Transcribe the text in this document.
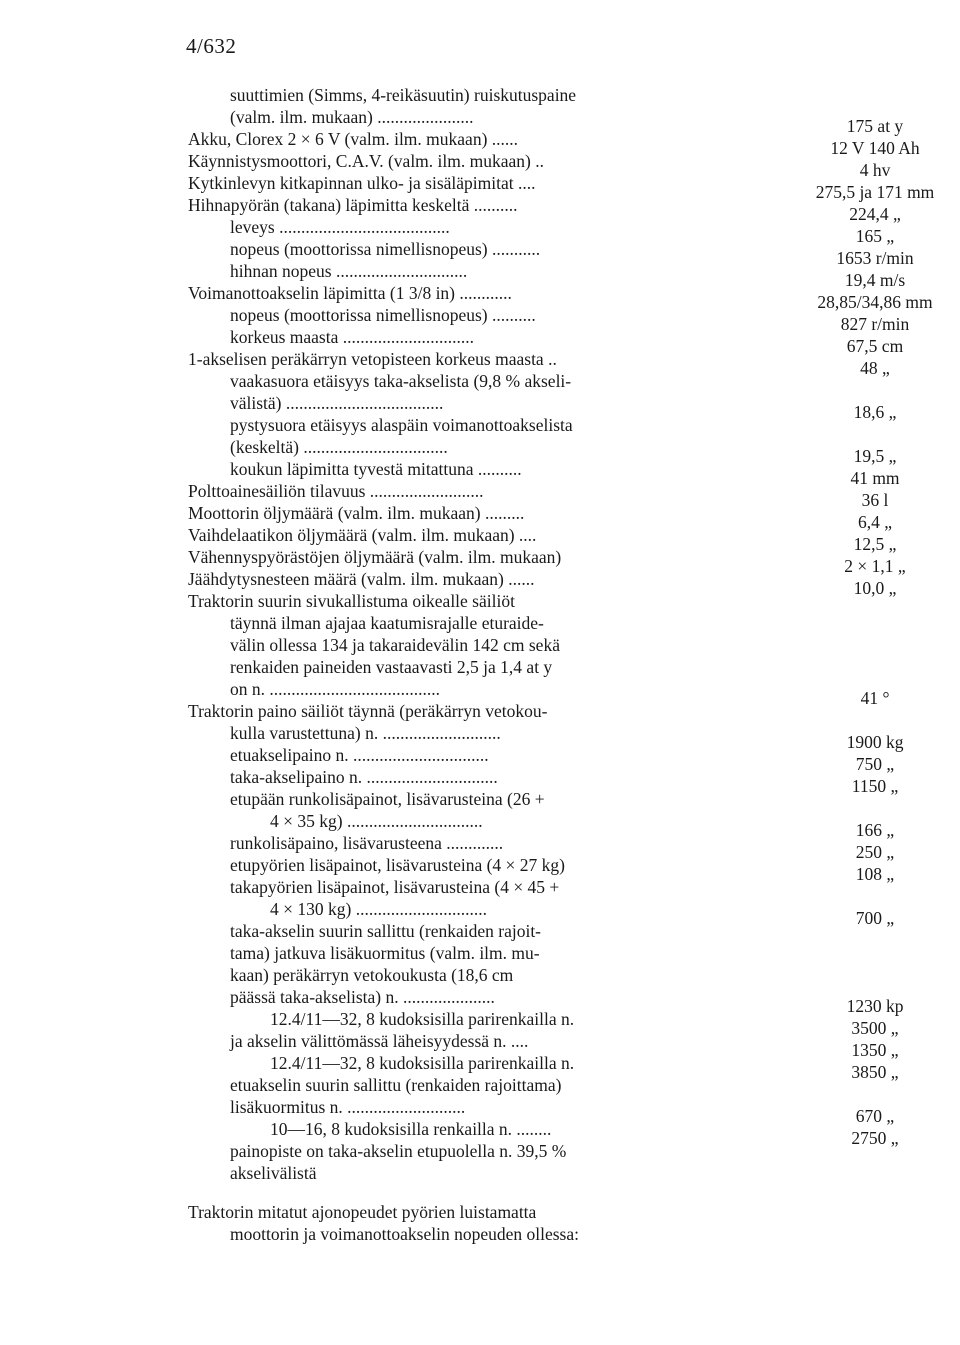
4/632
suuttimien (Simms, 4-reikäsuutin) ruiskutuspaine
(valm. ilm. mukaan) ......................	175 at y
Akku, Clorex 2 × 6 V (valm. ilm. mukaan) ......	12 V 140 Ah
Käynnistysmoottori, C.A.V. (valm. ilm. mukaan) ..	4 hv
Kytkinlevyn kitkapinnan ulko- ja sisäläpimitat ....	275,5 ja 171 mm
Hihnapyörän (takana) läpimitta keskeltä ..........	224,4 „
leveys .......................................	165 „
nopeus (moottorissa nimellisnopeus) ...........	1653 r/min
hihnan nopeus ..............................	19,4 m/s
Voimanottoakselin läpimitta (1 3/8 in) ............	28,85/34,86 mm
nopeus (moottorissa nimellisnopeus) ..........	827 r/min
korkeus maasta ..............................	67,5 cm
1-akselisen peräkärryn vetopisteen korkeus maasta ..	48 „
vaakasuora etäisyys taka-akselista (9,8 % akseli-
välistä) ....................................	18,6 „
pystysuora etäisyys alaspäin voimanottoakselista
(keskeltä) .................................	19,5 „
koukun läpimitta tyvestä mitattuna ..........	41 mm
Polttoainesäiliön tilavuus ..........................	36 l
Moottorin öljymäärä (valm. ilm. mukaan) .........	6,4 „
Vaihdelaatikon öljymäärä (valm. ilm. mukaan) ....	12,5 „
Vähennyspyörästöjen öljymäärä (valm. ilm. mukaan)	2 × 1,1 „
Jäähdytysnesteen määrä (valm. ilm. mukaan) ......	10,0 „
Traktorin suurin sivukallistuma oikealle säiliöt
täynnä ilman ajajaa kaatumisrajalle eturaide-
välin ollessa 134 ja takaraidevälin 142 cm sekä
renkaiden paineiden vastaavasti 2,5 ja 1,4 at y
on n. .......................................	41 °
Traktorin paino säiliöt täynnä (peräkärryn vetokou-
kulla varustettuna) n. ...........................	1900 kg
etuakselipaino n. ...............................	750 „
taka-akselipaino n. ..............................	1150 „
etupään runkolisäpainot, lisävarusteina (26 +
4 × 35 kg) ...............................	166 „
runkolisäpaino, lisävarusteena .............	250 „
etupyörien lisäpainot, lisävarusteina (4 × 27 kg)	108 „
takapyörien lisäpainot, lisävarusteina (4 × 45 +
4 × 130 kg) ..............................	700 „
taka-akselin suurin sallittu (renkaiden rajoit-
tama) jatkuva lisäkuormitus (valm. ilm. mu-
kaan) peräkärryn vetokoukusta (18,6 cm
päässä taka-akselista) n. .....................	1230 kp
12.4/11—32, 8 kudoksisilla parirenkailla n.	3500 „
ja akselin välittömässä läheisyydessä n. ....	1350 „
12.4/11—32, 8 kudoksisilla parirenkailla n.	3850 „
etuakselin suurin sallittu (renkaiden rajoittama)
lisäkuormitus n. ...........................	670 „
10—16, 8 kudoksisilla renkailla n. ........	2750 „
painopiste on taka-akselin etupuolella n. 39,5 %
akselivälistä
Traktorin mitatut ajonopeudet pyörien luistamatta
moottorin ja voimanottoakselin nopeuden ollessa:
